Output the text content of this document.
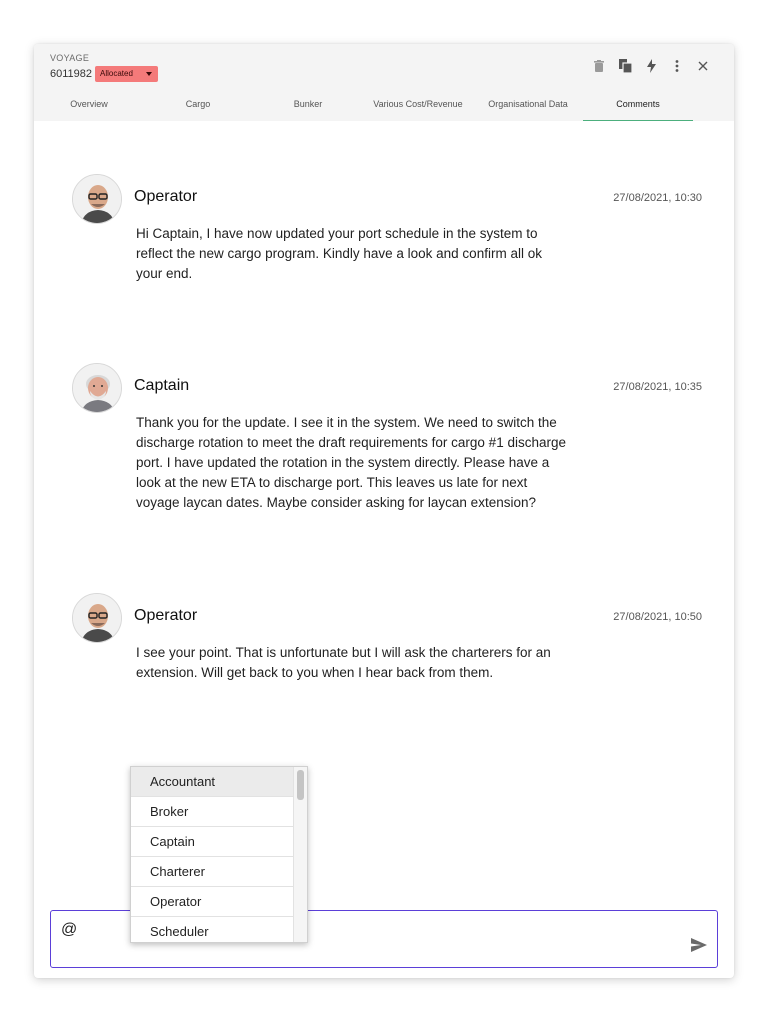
VOYAGE
6011982 Allocated
Overview	Cargo	Bunker	Various Cost/Revenue	Organisational Data	Comments
Operator	27/08/2021, 10:30
Hi Captain, I have now updated your port schedule in the system to reflect the new cargo program. Kindly have a look and confirm all ok your end.
Captain	27/08/2021, 10:35
Thank you for the update. I see it in the system. We need to switch the discharge rotation to meet the draft requirements for cargo #1 discharge port. I have updated the rotation in the system directly. Please have a look at the new ETA to discharge port. This leaves us late for next voyage laycan dates. Maybe consider asking for laycan extension?
Operator	27/08/2021, 10:50
I see your point. That is unfortunate but I will ask the charterers for an extension. Will get back to you when I hear back from them.
Accountant
Broker
Captain
Charterer
Operator
Scheduler
@
